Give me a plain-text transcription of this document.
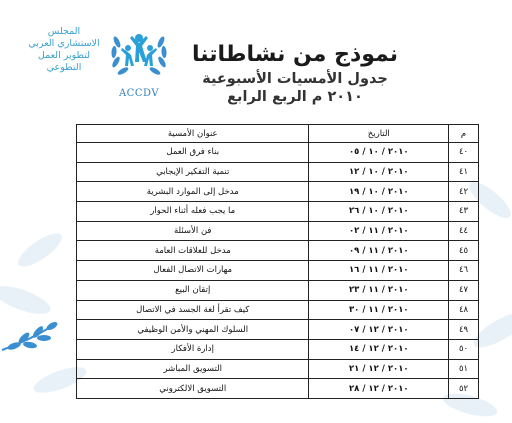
المجلس
الاستشاري العربي
لتطوير العمل
التطوعي
ACCDV
نموذج من نشاطاتنا
جدول الأمسيات الأسبوعية
٢٠١٠ م الربع الرابع
م	التاريخ	عنوان الأمسية
٤٠	٢٠١٠ / ١٠ / ٠٥	بناء فرق العمل
٤١	٢٠١٠ / ١٠ / ١٢	تنمية التفكير الإيجابي
٤٢	٢٠١٠ / ١٠ / ١٩	مدخل إلى الموارد البشرية
٤٣	٢٠١٠ / ١٠ / ٢٦	ما يجب فعله أثناء الحوار
٤٤	٢٠١٠ / ١١ / ٠٢	فن الأسئلة
٤٥	٢٠١٠ / ١١ / ٠٩	مدخل للعلاقات العامة
٤٦	٢٠١٠ / ١١ / ١٦	مهارات الاتصال الفعال
٤٧	٢٠١٠ / ١١ / ٢٣	إتقان البيع
٤٨	٢٠١٠ / ١١ / ٣٠	كيف تقرأ لغة الجسد في الاتصال
٤٩	٢٠١٠ / ١٢ / ٠٧	السلوك المهني والأمن الوظيفي
٥٠	٢٠١٠ / ١٢ / ١٤	إدارة الأفكار
٥١	٢٠١٠ / ١٢ / ٢١	التسويق المباشر
٥٢	٢٠١٠ / ١٢ / ٢٨	التسويق الالكتروني
